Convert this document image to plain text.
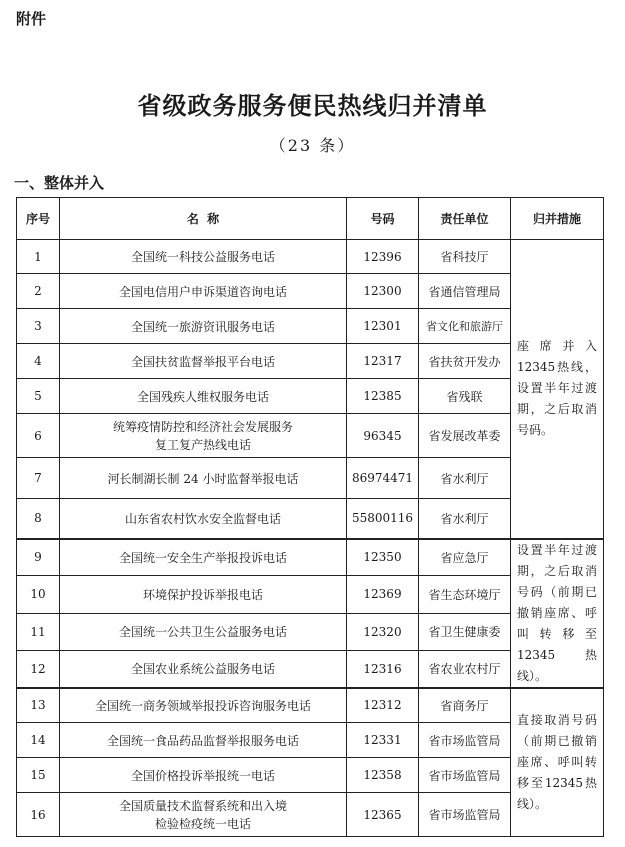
附件
省级政务服务便民热线归并清单
（23 条）
一、整体并入
序号	名  称	号码	责任单位	归并措施
1	全国统一科技公益服务电话	12396	省科技厅	座席并入12345热线，设置半年过渡期，之后取消号码。
2	全国电信用户申诉渠道咨询电话	12300	省通信管理局	
3	全国统一旅游资讯服务电话	12301	省文化和旅游厅	
4	全国扶贫监督举报平台电话	12317	省扶贫开发办	
5	全国残疾人维权服务电话	12385	省残联	
6	统筹疫情防控和经济社会发展服务
复工复产热线电话	96345	省发展改革委	
7	河长制湖长制 24 小时监督举报电话	86974471	省水利厅	
8	山东省农村饮水安全监督电话	55800116	省水利厅	
9	全国统一安全生产举报投诉电话	12350	省应急厅	设置半年过渡期，之后取消号码（前期已撤销座席、呼叫转移至12345热线）。
10	环境保护投诉举报电话	12369	省生态环境厅	
11	全国统一公共卫生公益服务电话	12320	省卫生健康委	
12	全国农业系统公益服务电话	12316	省农业农村厅	
13	全国统一商务领域举报投诉咨询服务电话	12312	省商务厅	直接取消号码（前期已撤销座席、呼叫转移至12345热线）。
14	全国统一食品药品监督举报服务电话	12331	省市场监管局	
15	全国价格投诉举报统一电话	12358	省市场监管局	
16	全国质量技术监督系统和出入境
检验检疫统一电话	12365	省市场监管局	
